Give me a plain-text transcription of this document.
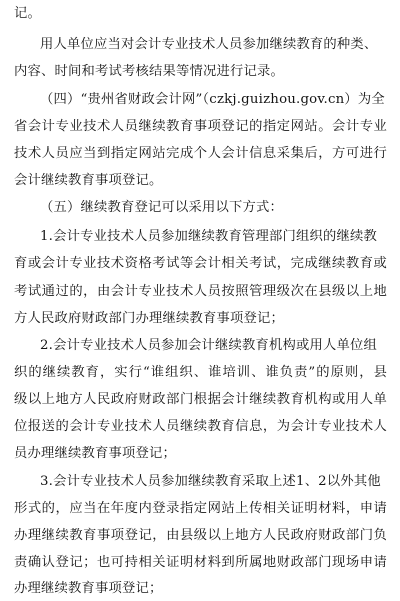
记。
用人单位应当对会计专业技术人员参加继续教育的种类、
内容、时间和考试考核结果等情况进行记录。
（四）“贵州省财政会计网”（czkj.guizhou.gov.cn）为全
省 会 计 专 业 技 术 人 员 继 续 教 育 事 项 登 记 的 指 定 网 站 。 会 计 专 业
技 术 人 员 应 当 到 指 定 网 站 完 成 个 人 会 计 信 息 采 集 后 ， 方 可 进 行
会计继续教育事项登记。
（五）继续教育登记可以采用以下方式：
1.会计专业技术人员参加继续教育管理部门组织的继续教
育 或 会 计 专 业 技 术 资 格 考 试 等 会 计 相 关 考 试 ， 完 成 继 续 教 育 或
考 试 通 过 的 ， 由 会 计 专 业 技 术 人 员 按 照 管 理 级 次 在 县 级 以 上 地
方人民政府财政部门办理继续教育事项登记；
2.会计专业技术人员参加会计继续教育机构或用人单位组
织 的 继 续 教 育 ， 实 行 “ 谁 组 织 、 谁 培 训 、 谁 负 责 ” 的 原 则 ， 县
级 以 上 地 方 人 民 政 府 财 政 部 门 根 据 会 计 继 续 教 育 机 构 或 用 人 单
位 报 送 的 会 计 专 业 技 术 人 员 继 续 教 育 信 息 ， 为 会 计 专 业 技 术 人
员办理继续教育事项登记；
3.会计专业技术人员参加继续教育采取上述1、2以外其他
形 式 的 ， 应 当 在 年 度 内 登 录 指 定 网 站 上 传 相 关 证 明 材 料 ， 申 请
办 理 继 续 教 育 事 项 登 记 ， 由 县 级 以 上 地 方 人 民 政 府 财 政 部 门 负
责 确 认 登 记 ； 也 可 持 相 关 证 明 材 料 到 所 属 地 财 政 部 门 现 场 申 请
办理继续教育事项登记；
